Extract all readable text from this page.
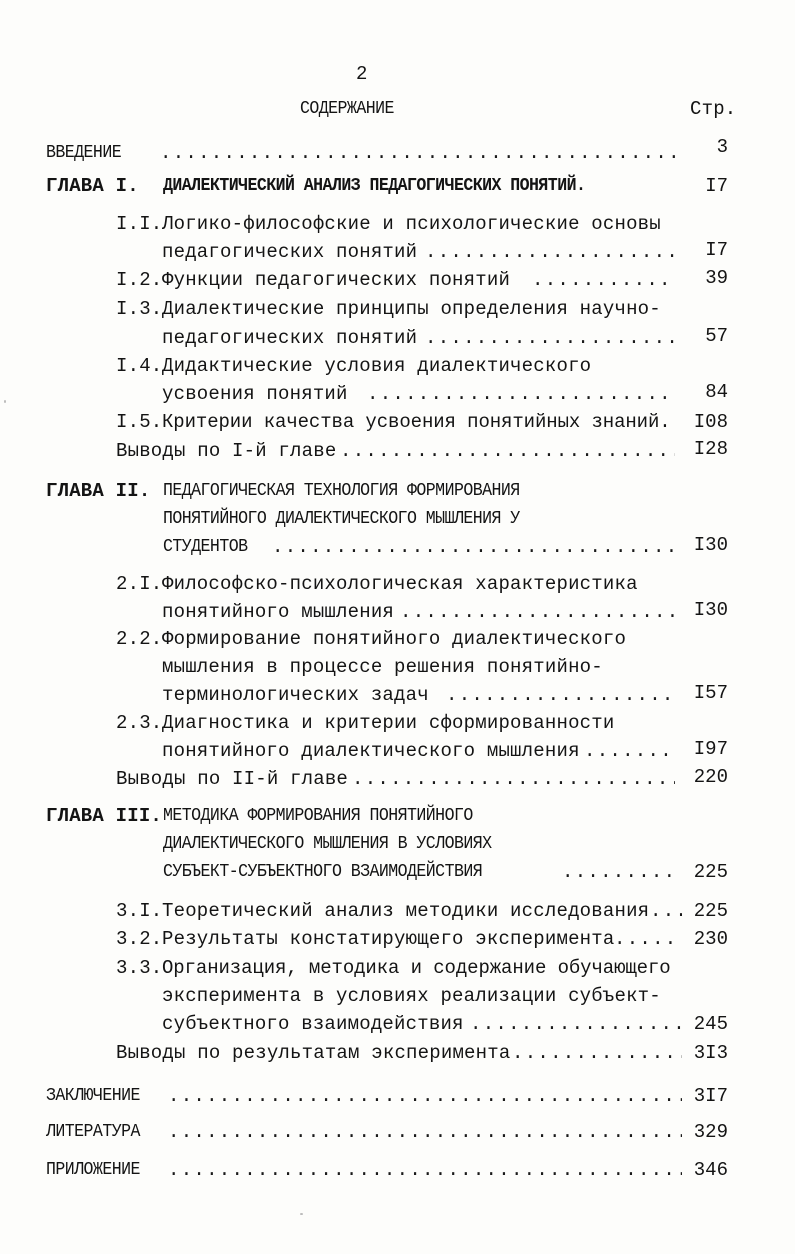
2
СОДЕРЖАНИЕ	Стр.
ВВЕДЕНИЕ .....	3
ГЛАВА I. ДИАЛЕКТИЧЕСКИЙ АНАЛИЗ ПЕДАГОГИЧЕСКИХ ПОНЯТИЙ.	I7
I.I. Логико-философские и психологические основы
педагогических понятий .....	I7
I.2. Функции педагогических понятий .....	39
I.3. Диалектические принципы определения научно-
педагогических понятий .....	57
I.4. Дидактические условия диалектического
усвоения понятий .....	84
I.5. Критерии качества усвоения понятийных знаний.	I08
Выводы по I-й главе .....	I28
ГЛАВА II. ПЕДАГОГИЧЕСКАЯ ТЕХНОЛОГИЯ ФОРМИРОВАНИЯ
ПОНЯТИЙНОГО ДИАЛЕКТИЧЕСКОГО МЫШЛЕНИЯ У
СТУДЕНТОВ .....	I30
2.I. Философско-психологическая характеристика
понятийного мышления .....	I30
2.2. Формирование понятийного диалектического
мышления в процессе решения понятийно-
терминологических задач .....	I57
2.3. Диагностика и критерии сформированности
понятийного диалектического мышления .....	I97
Выводы по II-й главе .....	220
ГЛАВА III. МЕТОДИКА ФОРМИРОВАНИЯ ПОНЯТИЙНОГО
ДИАЛЕКТИЧЕСКОГО МЫШЛЕНИЯ В УСЛОВИЯХ
СУБЪЕКТ-СУБЪЕКТНОГО ВЗАИМОДЕЙСТВИЯ .....	225
3.I. Теоретический анализ методики исследования .....	225
3.2. Результаты констатирующего эксперимента .....	230
3.3. Организация, методика и содержание обучающего
эксперимента в условиях реализации субъект-
субъектного взаимодействия .....	245
Выводы по результатам эксперимента .....	3I3
ЗАКЛЮЧЕНИЕ .....	3I7
ЛИТЕРАТУРА .....	329
ПРИЛОЖЕНИЕ .....	346
